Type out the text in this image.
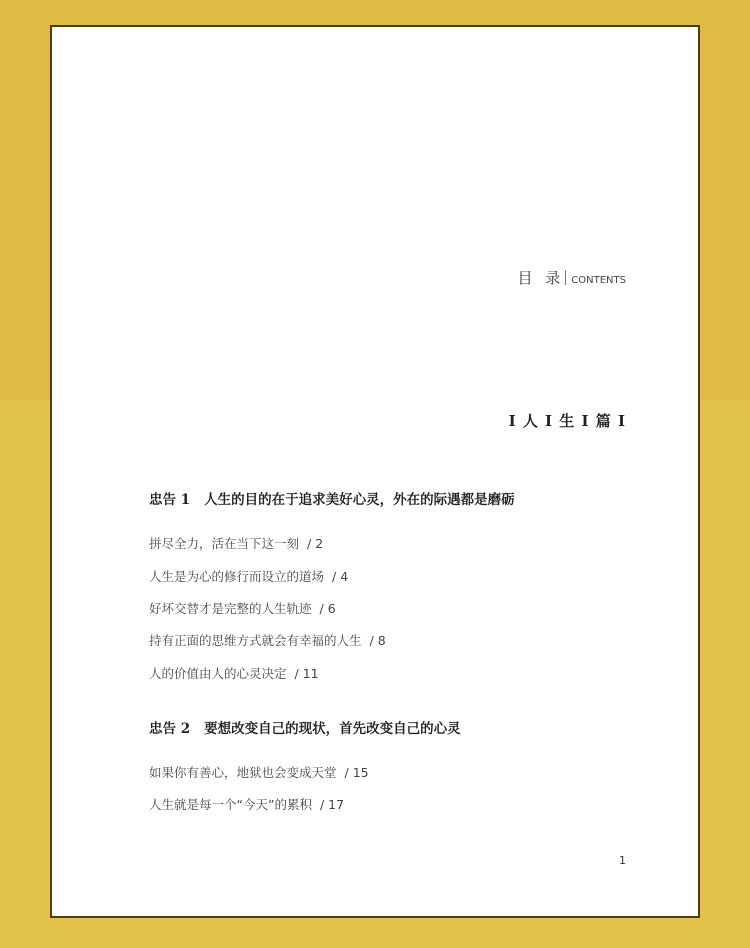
目 录 CONTENTS
I 人 I 生 I 篇 I
忠告 1 人生的目的在于追求美好心灵，外在的际遇都是磨砺
拼尽全力，活在当下这一刻 / 2
人生是为心的修行而设立的道场 / 4
好坏交替才是完整的人生轨迹 / 6
持有正面的思维方式就会有幸福的人生 / 8
人的价值由人的心灵决定 / 11
忠告 2 要想改变自己的现状，首先改变自己的心灵
如果你有善心，地狱也会变成天堂 / 15
人生就是每一个“今天”的累积 / 17
1
